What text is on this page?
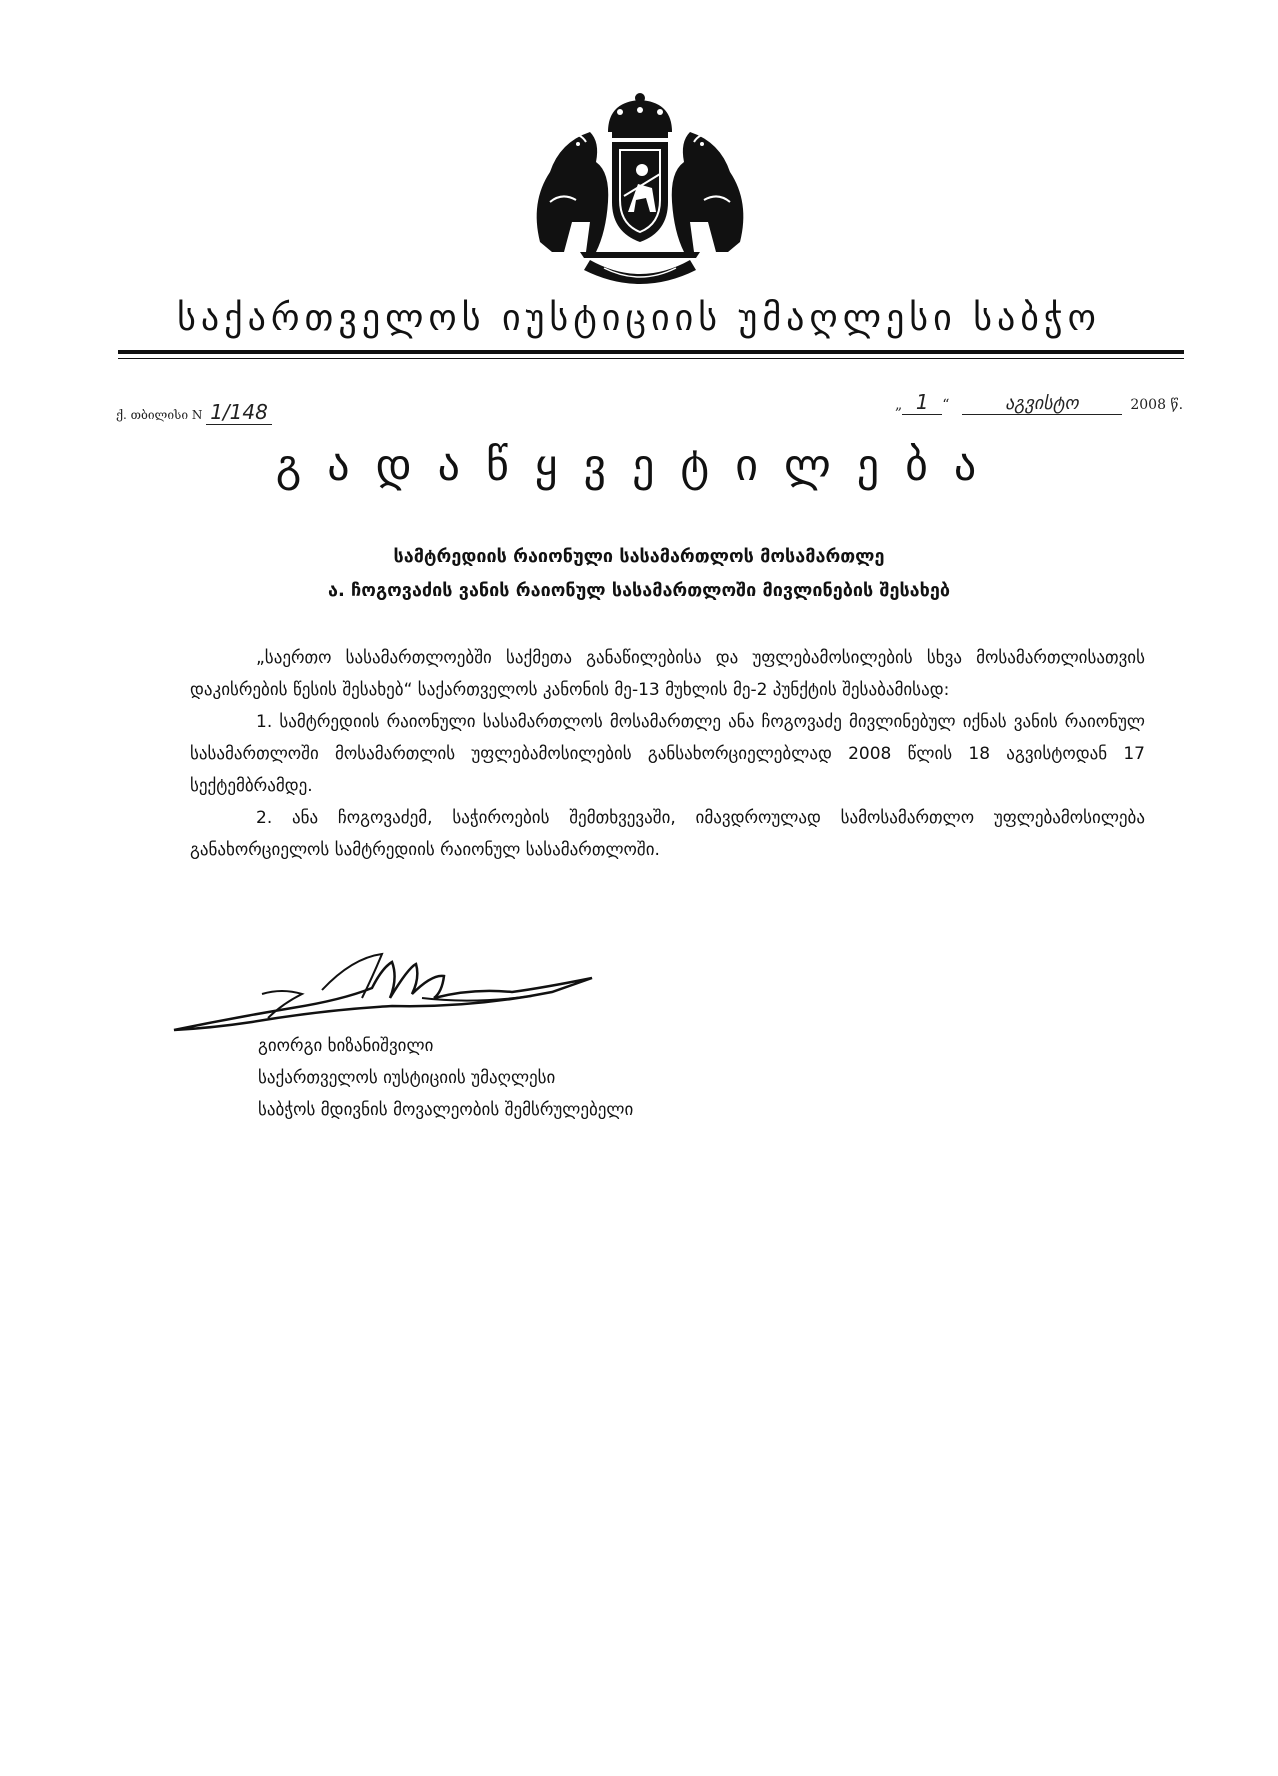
საქართველოს იუსტიციის უმაღლესი საბჭო
ქ. თბილისი N 1/148	„ 1 “	აგვისტო	2008 წ.
გადაწყვეტილება
სამტრედიის რაიონული სასამართლოს მოსამართლე
ა. ჩოგოვაძის ვანის რაიონულ სასამართლოში მივლინების შესახებ

„საერთო სასამართლოებში საქმეთა განაწილებისა და უფლებამოსილების სხვა მოსამართლისათვის დაკისრების წესის შესახებ“ საქართველოს კანონის მე-13 მუხლის მე-2 პუნქტის შესაბამისად:

1. სამტრედიის რაიონული სასამართლოს მოსამართლე ანა ჩოგოვაძე მივლინებულ იქნას ვანის რაიონულ სასამართლოში მოსამართლის უფლებამოსილების განსახორციელებლად 2008 წლის 18 აგვისტოდან 17 სექტემბრამდე.

2. ანა ჩოგოვაძემ, საჭიროების შემთხვევაში, იმავდროულად სამოსამართლო უფლებამოსილება განახორციელოს სამტრედიის რაიონულ სასამართლოში.

გიორგი ხიზანიშვილი
საქართველოს იუსტიციის უმაღლესი
საბჭოს მდივნის მოვალეობის შემსრულებელი
